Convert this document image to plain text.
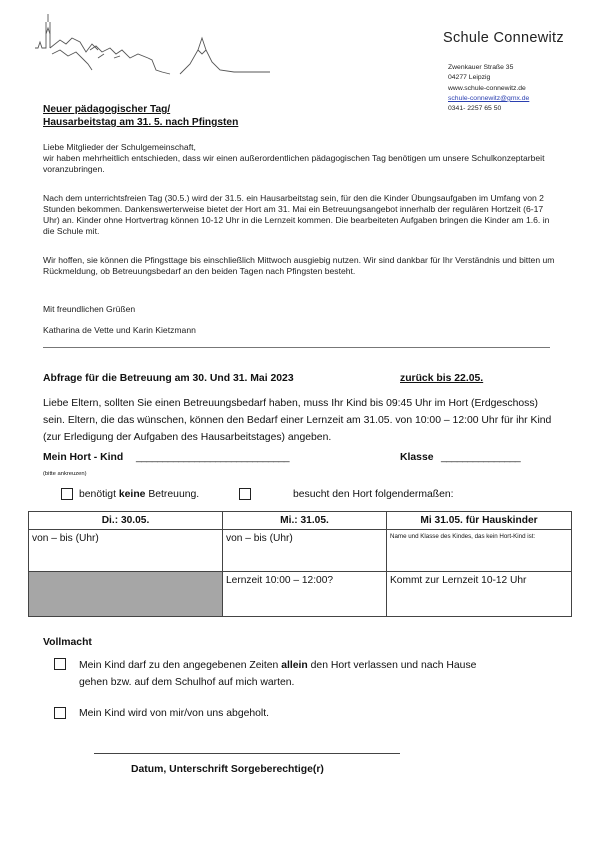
Schule Connewitz
Zwenkauer Straße 35
04277 Leipzig
www.schule-connewitz.de
schule-connewitz@gmx.de
0341- 2257 65 50
Neuer pädagogischer Tag/
Hausarbeitstag am 31. 5. nach Pfingsten
Liebe Mitglieder der Schulgemeinschaft,
wir haben mehrheitlich entschieden, dass wir einen außerordentlichen pädagogischen Tag benötigen um unsere Schulkonzeptarbeit voranzubringen.
Nach dem unterrichtsfreien Tag (30.5.) wird der 31.5. ein Hausarbeitstag sein, für den die Kinder Übungsaufgaben im Umfang von 2 Stunden bekommen. Dankenswerterweise bietet der Hort am 31. Mai ein Betreuungsangebot innerhalb der regulären Hortzeit (6-17 Uhr) an. Kinder ohne Hortvertrag können 10-12 Uhr in die Lernzeit kommen. Die bearbeiteten Aufgaben bringen die Kinder am 1.6. in die Schule mit.
Wir hoffen, sie können die Pfingsttage bis einschließlich Mittwoch ausgiebig nutzen. Wir sind dankbar für Ihr Verständnis und bitten um Rückmeldung, ob Betreuungsbedarf an den beiden Tagen nach Pfingsten besteht.
Mit freundlichen Grüßen
Katharina de Vette und Karin Kietzmann
Abfrage für die Betreuung am 30. Und 31. Mai 2023	zurück bis 22.05.
Liebe Eltern, sollten Sie einen Betreuungsbedarf haben, muss Ihr Kind bis 09:45 Uhr im Hort (Erdgeschoss) sein. Eltern, die das wünschen, können den Bedarf einer Lernzeit am 31.05. von 10:00 – 12:00 Uhr für ihr Kind (zur Erledigung der Aufgaben des Hausarbeitstages) angeben.
Mein Hort - Kind _____________________________	Klasse _______________
(bitte ankreuzen)
benötigt keine Betreuung.	besucht den Hort folgendermaßen:
Di.: 30.05.	Mi.: 31.05.	Mi 31.05. für Hauskinder
von – bis (Uhr)	von – bis (Uhr)	Name und Klasse des Kindes, das kein Hort-Kind ist:
	Lernzeit 10:00 – 12:00?	Kommt zur Lernzeit 10-12 Uhr
Vollmacht
Mein Kind darf zu den angegebenen Zeiten allein den Hort verlassen und nach Hause
gehen bzw. auf dem Schulhof auf mich warten.
Mein Kind wird von mir/von uns abgeholt.
Datum, Unterschrift Sorgeberechtige(r)
